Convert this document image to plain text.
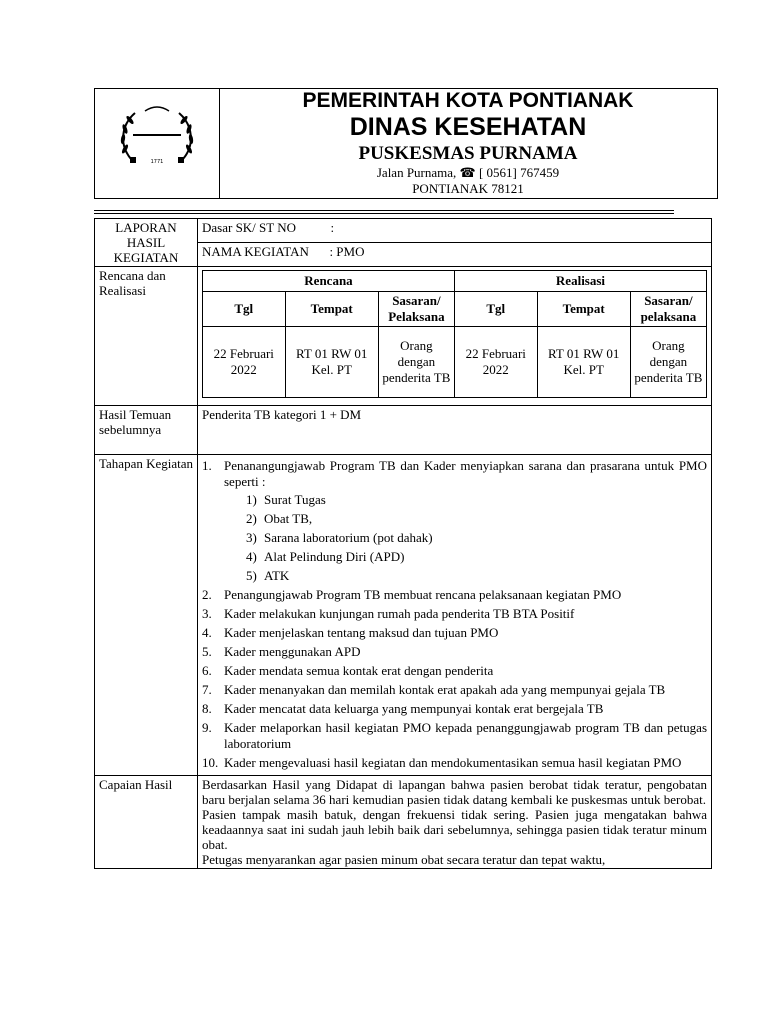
1771
PEMERINTAH KOTA PONTIANAK
DINAS KESEHATAN
PUSKESMAS PURNAMA
Jalan Purnama, ☎ [ 0561] 767459
PONTIANAK 78121
LAPORAN HASIL KEGIATAN	Dasar SK/ ST NO	:
NAMA KEGIATAN : PMO
Rencana dan Realisasi	
Rencana	Realisasi
Tgl	Tempat	Sasaran/ Pelaksana	Tgl	Tempat	Sasaran/ pelaksana
22 Februari 2022	RT 01 RW 01 Kel. PT	Orang dengan penderita TB	22 Februari 2022	RT 01 RW 01 Kel. PT	Orang dengan penderita TB

Hasil Temuan sebelumnya	Penderita TB kategori 1 + DM
Tahapan Kegiatan	1. Penanangungjawab Program TB dan Kader menyiapkan sarana dan prasarana untuk PMO seperti :
1) Surat Tugas
2) Obat TB,
3) Sarana laboratorium (pot dahak)
4) Alat Pelindung Diri (APD)
5) ATK
2. Penangungjawab Program TB membuat rencana pelaksanaan kegiatan PMO
3. Kader melakukan kunjungan rumah pada penderita TB BTA Positif
4. Kader menjelaskan tentang maksud dan tujuan PMO
5. Kader menggunakan APD
6. Kader mendata semua kontak erat dengan penderita
7. Kader menanyakan dan memilah kontak erat apakah ada yang mempunyai gejala TB
8. Kader mencatat data keluarga yang mempunyai kontak erat bergejala TB
9. Kader melaporkan hasil kegiatan PMO kepada penanggungjawab program TB dan petugas laboratorium
10. Kader mengevaluasi hasil kegiatan dan mendokumentasikan semua hasil kegiatan PMO

Capaian Hasil	Berdasarkan Hasil yang Didapat di lapangan bahwa pasien berobat tidak teratur, pengobatan baru berjalan selama 36 hari kemudian pasien tidak datang kembali ke puskesmas untuk berobat.

Pasien tampak masih batuk, dengan frekuensi tidak sering. Pasien juga mengatakan bahwa keadaannya saat ini sudah jauh lebih baik dari sebelumnya, sehingga pasien tidak teratur minum obat.

Petugas menyarankan agar pasien minum obat secara teratur dan tepat waktu,
